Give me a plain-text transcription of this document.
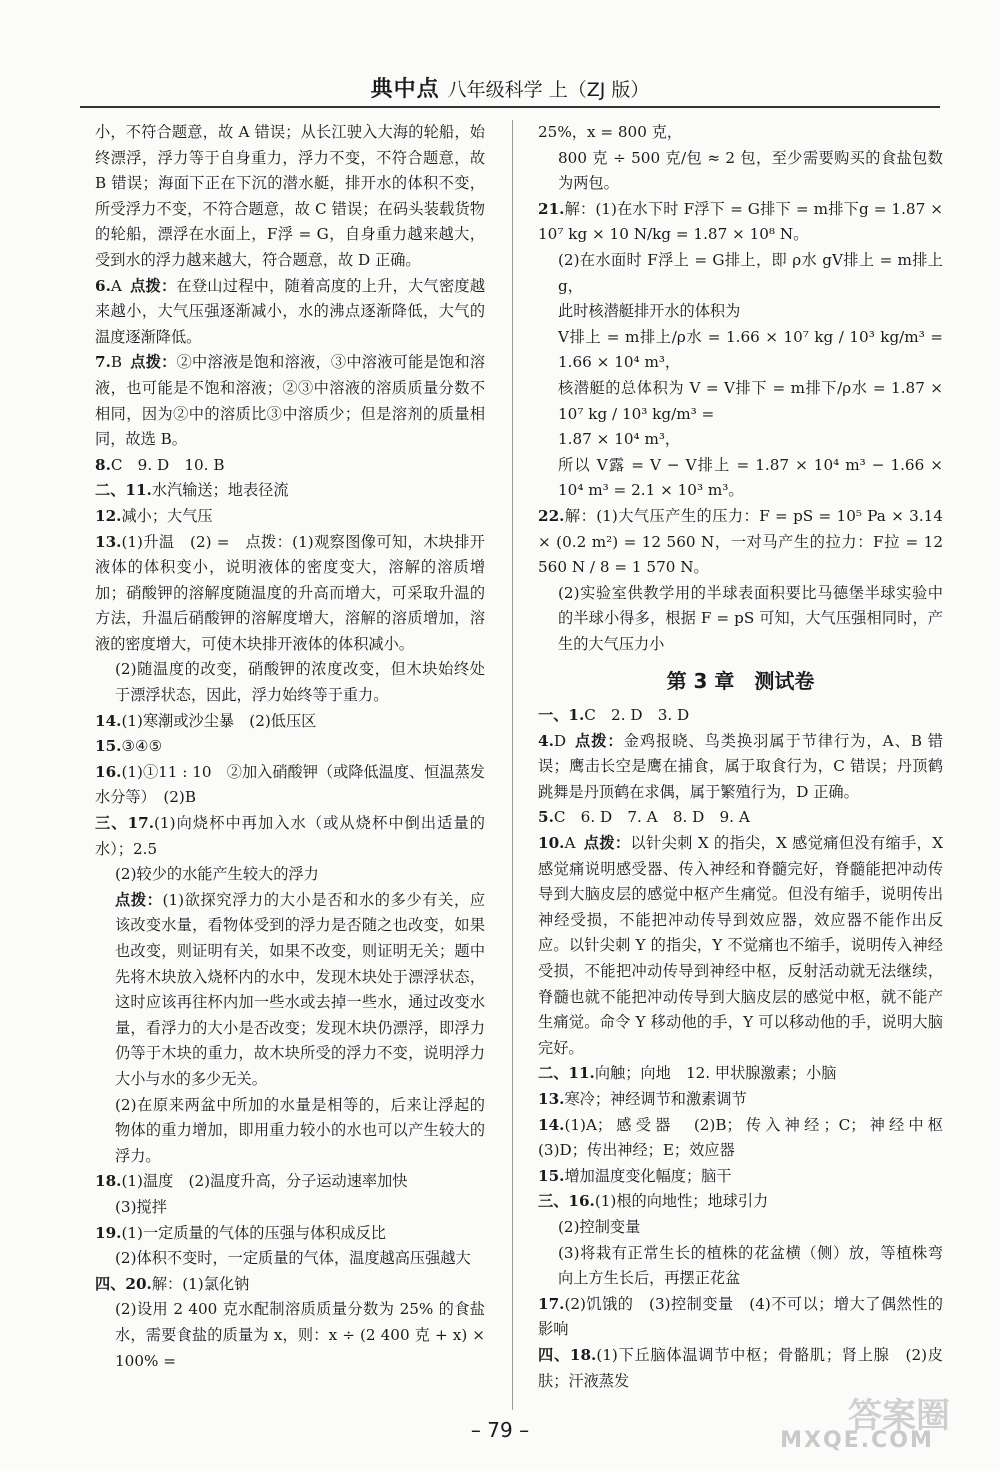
典中点 八年级科学 上（ZJ 版）

小，不符合题意，故 A 错误；从长江驶入大海的轮船，始终漂浮，浮力等于自身重力，浮力不变，不符合题意，故 B 错误；海面下正在下沉的潜水艇，排开水的体积不变，所受浮力不变，不符合题意，故 C 错误；在码头装载货物的轮船，漂浮在水面上，F浮 = G，自身重力越来越大，受到水的浮力越来越大，符合题意，故 D 正确。

6.A 点拨：在登山过程中，随着高度的上升，大气密度越来越小，大气压强逐渐减小，水的沸点逐渐降低，大气的温度逐渐降低。

7.B 点拨：②中溶液是饱和溶液，③中溶液可能是饱和溶液，也可能是不饱和溶液；②③中溶液的溶质质量分数不相同，因为②中的溶质比③中溶质少；但是溶剂的质量相同，故选 B。

8.C　9. D　10. B

二、11.水汽输送；地表径流

12.减小；大气压

13.(1)升温　(2) =　点拨：(1)观察图像可知，木块排开液体的体积变小，说明液体的密度变大，溶解的溶质增加；硝酸钾的溶解度随温度的升高而增大，可采取升温的方法，升温后硝酸钾的溶解度增大，溶解的溶质增加，溶液的密度增大，可使木块排开液体的体积减小。

(2)随温度的改变，硝酸钾的浓度改变，但木块始终处于漂浮状态，因此，浮力始终等于重力。

14.(1)寒潮或沙尘暴　(2)低压区

15.③④⑤

16.(1)①11 : 10　②加入硝酸钾（或降低温度、恒温蒸发水分等）　(2)B

三、17.(1)向烧杯中再加入水（或从烧杯中倒出适量的水）；2.5

(2)较少的水能产生较大的浮力

点拨：(1)欲探究浮力的大小是否和水的多少有关，应该改变水量，看物体受到的浮力是否随之也改变，如果也改变，则证明有关，如果不改变，则证明无关；题中先将木块放入烧杯内的水中，发现木块处于漂浮状态，这时应该再往杯内加一些水或去掉一些水，通过改变水量，看浮力的大小是否改变；发现木块仍漂浮，即浮力仍等于木块的重力，故木块所受的浮力不变，说明浮力大小与水的多少无关。

(2)在原来两盆中所加的水量是相等的，后来让浮起的物体的重力增加，即用重力较小的水也可以产生较大的浮力。

18.(1)温度　(2)温度升高，分子运动速率加快

(3)搅拌

19.(1)一定质量的气体的压强与体积成反比

(2)体积不变时，一定质量的气体，温度越高压强越大

四、20.解：(1)氯化钠

(2)设用 2 400 克水配制溶质质量分数为 25% 的食盐水，需要食盐的质量为 x，则：x ÷ (2 400 克 + x) × 100% =

25%，x = 800 克，

800 克 ÷ 500 克/包 ≈ 2 包，至少需要购买的食盐包数为两包。

21.解：(1)在水下时 F浮下 = G排下 = m排下g = 1.87 × 10⁷ kg × 10 N/kg = 1.87 × 10⁸ N。

(2)在水面时 F浮上 = G排上，即 ρ水 gV排上 = m排上g，

此时核潜艇排开水的体积为

V排上 = m排上/ρ水 = 1.66 × 10⁷ kg / 10³ kg/m³ = 1.66 × 10⁴ m³，

核潜艇的总体积为 V = V排下 = m排下/ρ水 = 1.87 × 10⁷ kg / 10³ kg/m³ =

1.87 × 10⁴ m³，

所以 V露 = V − V排上 = 1.87 × 10⁴ m³ − 1.66 × 10⁴ m³ = 2.1 × 10³ m³。

22.解：(1)大气压产生的压力：F = pS = 10⁵ Pa × 3.14 × (0.2 m²) = 12 560 N，一对马产生的拉力：F拉 = 12 560 N / 8 = 1 570 N。

(2)实验室供教学用的半球表面积要比马德堡半球实验中的半球小得多，根据 F = pS 可知，大气压强相同时，产生的大气压力小

第 3 章　测试卷

一、1.C　2. D　3. D

4.D 点拨：金鸡报晓、鸟类换羽属于节律行为，A、B 错误；鹰击长空是鹰在捕食，属于取食行为，C 错误；丹顶鹤跳舞是丹顶鹤在求偶，属于繁殖行为，D 正确。

5.C　6. D　7. A　8. D　9. A

10.A 点拨：以针尖刺 X 的指尖，X 感觉痛但没有缩手，X 感觉痛说明感受器、传入神经和脊髓完好，脊髓能把冲动传导到大脑皮层的感觉中枢产生痛觉。但没有缩手，说明传出神经受损，不能把冲动传导到效应器，效应器不能作出反应。以针尖刺 Y 的指尖，Y 不觉痛也不缩手，说明传入神经受损，不能把冲动传导到神经中枢，反射活动就无法继续，脊髓也就不能把冲动传导到大脑皮层的感觉中枢，就不能产生痛觉。命令 Y 移动他的手，Y 可以移动他的手，说明大脑完好。

二、11.向触；向地　12. 甲状腺激素；小脑

13.寒冷；神经调节和激素调节

14.(1)A；感受器　(2)B；传入神经；C；神经中枢　(3)D；传出神经；E；效应器

15.增加温度变化幅度；脑干

三、16.(1)根的向地性；地球引力

(2)控制变量

(3)将栽有正常生长的植株的花盆横（侧）放，等植株弯向上方生长后，再摆正花盆

17.(2)饥饿的　(3)控制变量　(4)不可以；增大了偶然性的影响

四、18.(1)下丘脑体温调节中枢；骨骼肌；肾上腺　(2)皮肤；汗液蒸发

– 79 –	答案圈
MXQE.COM
